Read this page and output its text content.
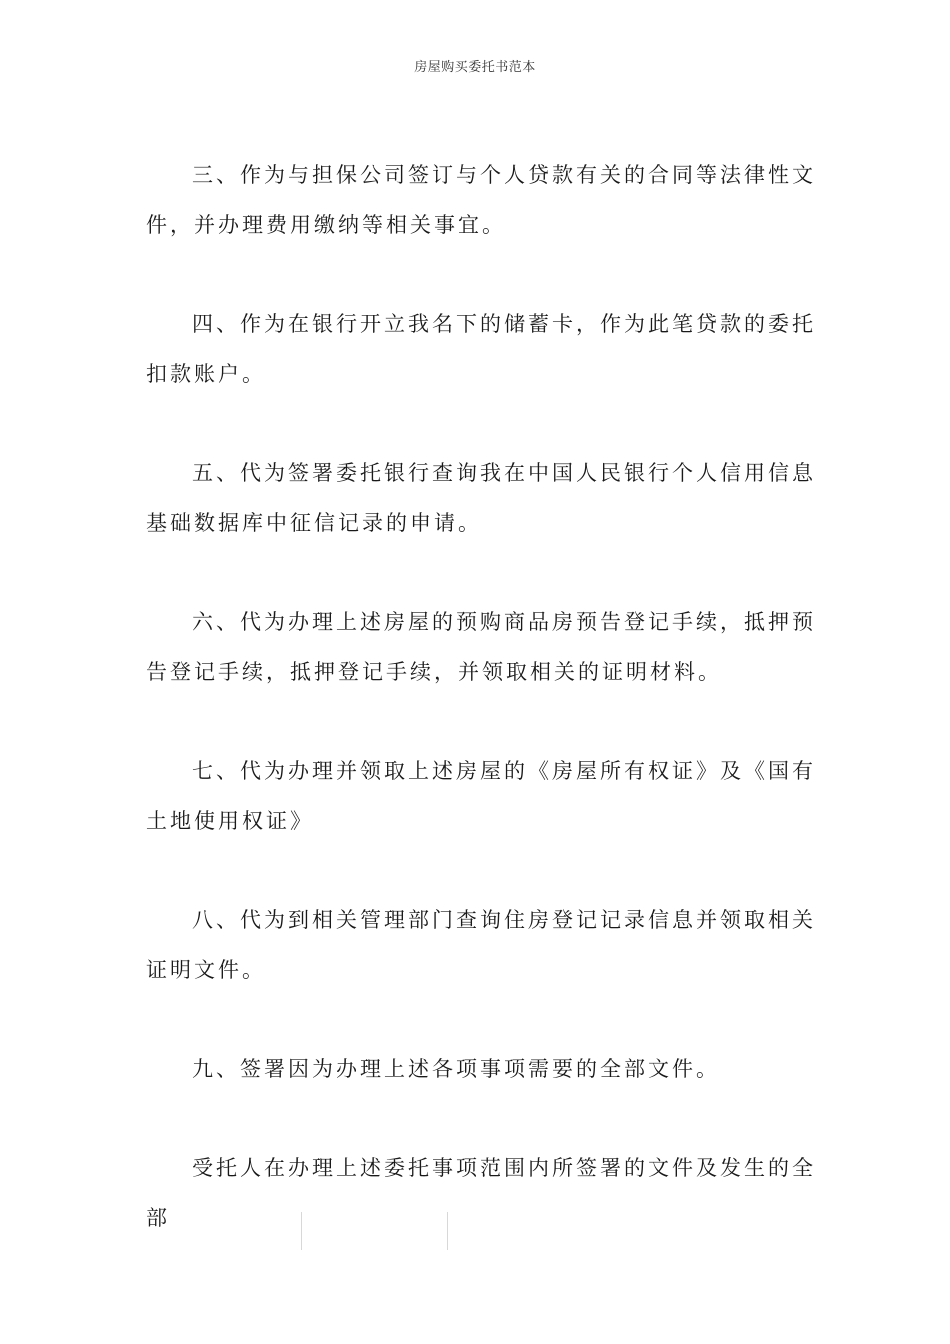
房屋购买委托书范本

三、作为与担保公司签订与个人贷款有关的合同等法律性文件，并办理费用缴纳等相关事宜。

四、作为在银行开立我名下的储蓄卡，作为此笔贷款的委托扣款账户。

五、代为签署委托银行查询我在中国人民银行个人信用信息基础数据库中征信记录的申请。

六、代为办理上述房屋的预购商品房预告登记手续，抵押预告登记手续，抵押登记手续，并领取相关的证明材料。

七、代为办理并领取上述房屋的《房屋所有权证》及《国有土地使用权证》

八、代为到相关管理部门查询住房登记记录信息并领取相关证明文件。

九、签署因为办理上述各项事项需要的全部文件。

受托人在办理上述委托事项范围内所签署的文件及发生的全部
